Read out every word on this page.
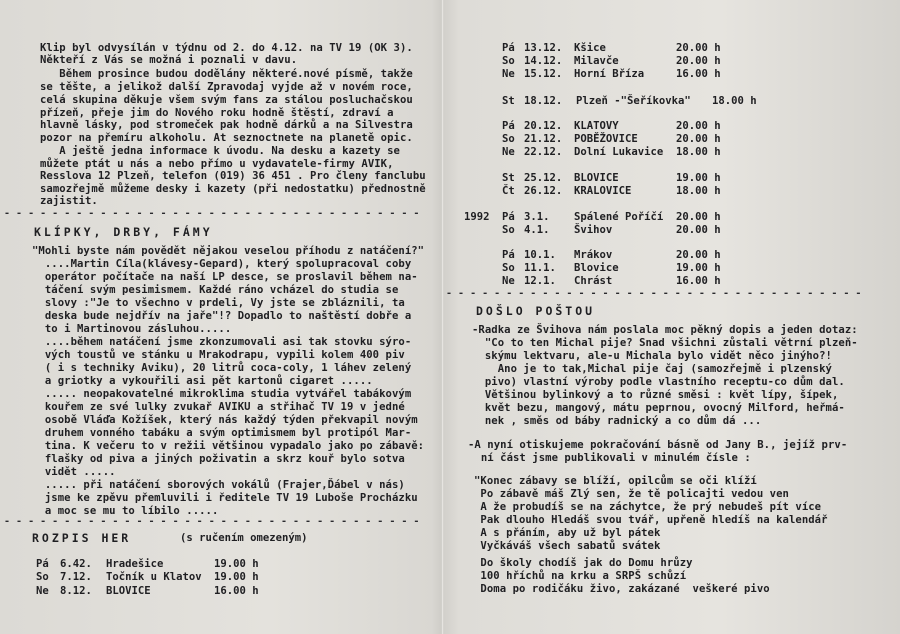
Klip byl odvysílán v týdnu od 2. do 4.12. na TV 19 (OK 3).
Někteří z Vás se možná i poznali v davu.
Během prosince budou dodělány některé.nové písmě, takže
se těšte, a jelikož další Zpravodaj vyjde až v novém roce,
celá skupina děkuje všem svým fans za stálou posluchačskou
přízeň, přeje jim do Nového roku hodně štěstí, zdraví a
hlavně lásky, pod stromeček pak hodně dárků a na Silvestra
pozor na přemíru alkoholu. At seznoctnete na planetě opic.
A ještě jedna informace k úvodu. Na desku a kazety se
můžete ptát u nás a nebo přímo u vydavatele-firmy AVIK,
Resslova 12 Plzeň, telefon (019) 36 451 . Pro členy fanclubu
samozřejmě můžeme desky i kazety (při nedostatku) přednostně
zajistit.
- - - - - - - - - - - - - - - - - - - - - - - - - - - - - - - - - - -
KLÍPKY, DRBY, FÁMY
"Mohli byste nám povědět nějakou veselou příhodu z natáčení?"
....Martin Cíla(klávesy-Gepard), který spolupracoval coby
operátor počítače na naší LP desce, se proslavil během na-
táčení svým pesimismem. Každé ráno vcházel do studia se
slovy :"Je to všechno v prdeli, Vy jste se zbláznili, ta
deska bude nejdřív na jaře"!? Dopadlo to naštěstí dobře a
to i Martinovou zásluhou.....
....během natáčení jsme zkonzumovali asi tak stovku sýro-
vých toustů ve stánku u Mrakodrapu, vypili kolem 400 piv
( i s techniky Aviku), 20 litrů coca-coly, 1 láhev zelený
a griotky a vykouřili asi pět kartonů cigaret .....
..... neopakovatelné mikroklima studia vytvářel tabákovým
kouřem ze své lulky zvukař AVIKU a střihač TV 19 v jedné
osobě Vláďa Kožíšek, který nás každý týden překvapil novým
druhem vonného tabáku a svým optimismem byl protipól Mar-
tina. K večeru to v režii většinou vypadalo jako po zábavě:
flašky od piva a jiných poživatin a skrz kouř bylo sotva
vidět .....
..... při natáčení sborových vokálů (Frajer,Ďábel v nás)
jsme ke zpěvu přemluvili i ředitele TV 19 Luboše Procházku
a moc se mu to líbilo .....
- - - - - - - - - - - - - - - - - - - - - - - - - - - - - - - - - - -
ROZPIS HER	(s ručením omezeným)
Pá 6.42. Hradešice	19.00 h
So 7.12. Točník u Klatov 19.00 h
Ne 8.12. BLOVICE	16.00 h
Pá 13.12. Kšice	20.00 h
So 14.12. Milavče	20.00 h
Ne 15.12. Horní Bříza	16.00 h
St 18.12. Plzeň -"Šeříkovka" 18.00 h
Pá 20.12. KLATOVY	20.00 h
So 21.12. POBĚŽOVICE	20.00 h
Ne 22.12. Dolní Lukavice 18.00 h
St 25.12. BLOVICE	19.00 h
Čt 26.12. KRALOVICE	18.00 h
1992 Pá 3.1. Spálené Poříčí 20.00 h
So 4.1. Švihov	20.00 h
Pá 10.1. Mrákov	20.00 h
So 11.1. Blovice	19.00 h
Ne 12.1. Chrást	16.00 h
- - - - - - - - - - - - - - - - - - - - - - - - - - - - - - - - - - -
DOŠLO POŠTOU
-Radka ze Švihova nám poslala moc pěkný dopis a jeden dotaz:
"Co to ten Michal pije? Snad všichni zůstali větrní plzeň-
skýmu lektvaru, ale-u Michala bylo vidět něco jinýho?!
Ano je to tak,Michal pije čaj (samozřejmě i plzenský
pivo) vlastní výroby podle vlastního receptu-co dům dal.
Většinou bylinkový a to různé směsi : květ lípy, šípek,
květ bezu, mangový, mátu peprnou, ovocný Milford, heřmá-
nek , směs od báby radnický a co dům dá ...
-A nyní otiskujeme pokračování básně od Jany B., jejíž prv-
ní část jsme publikovali v minulém čísle :
"Konec zábavy se blíží, opilcům se oči klíží
Po zábavě máš Zlý sen, že tě policajti vedou ven
A že probudíš se na záchytce, že prý nebudeš pít více
Pak dlouho Hledáš svou tvář, upřeně hledíš na kalendář
A s přáním, aby už byl pátek
Vyčkáváš všech sabatů svátek
Do školy chodíš jak do Domu hrůzy
100 hříchů na krku a SRPŠ schůzí
Doma po rodičáku živo, zakázané  veškeré pivo
